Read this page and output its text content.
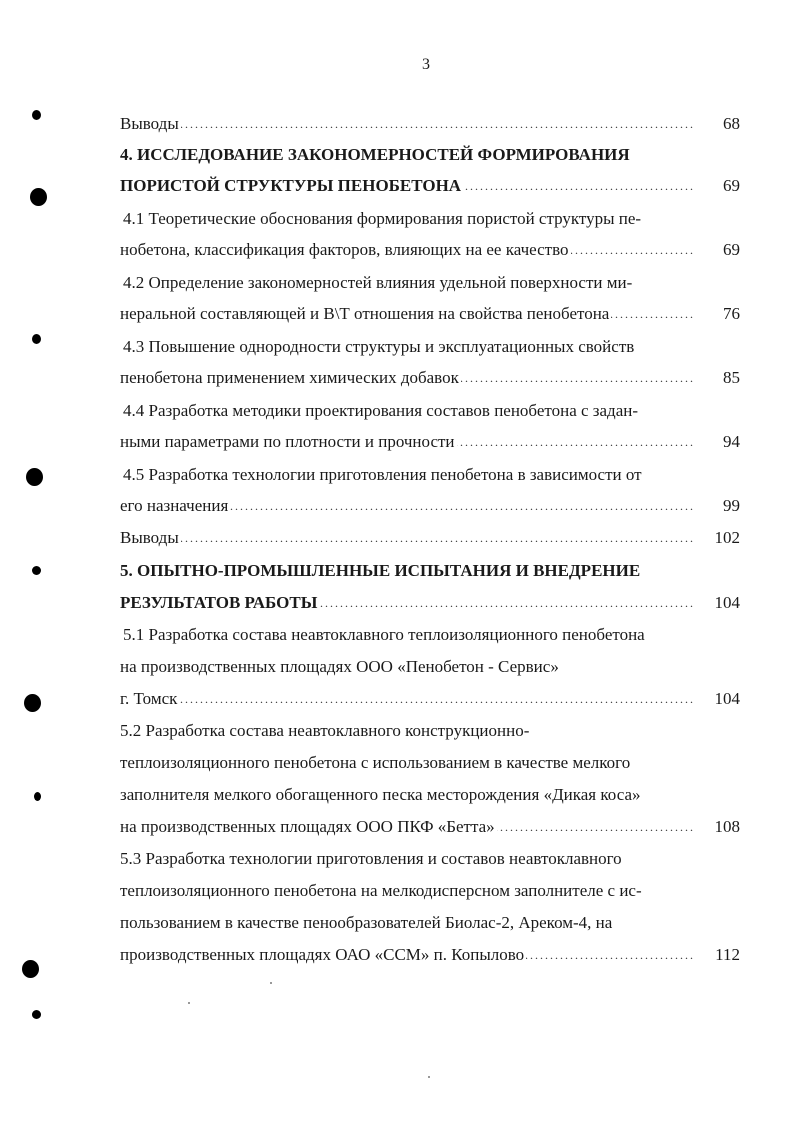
3
Выводы . . .	68
4. ИССЛЕДОВАНИЕ ЗАКОНОМЕРНОСТЕЙ ФОРМИРОВАНИЯ
ПОРИСТОЙ СТРУКТУРЫ ПЕНОБЕТОНА . . .	69
4.1 Теоретические обоснования формирования пористой структуры пе-
нобетона, классификация факторов, влияющих на ее качество . . .	69
4.2 Определение закономерностей влияния удельной поверхности ми-
неральной составляющей и В\Т отношения на свойства пенобетона . . .	76
4.3 Повышение однородности структуры и эксплуатационных свойств
пенобетона применением химических добавок . . .	85
4.4 Разработка методики проектирования составов пенобетона с задан-
ными параметрами по плотности и прочности . . .	94
4.5 Разработка технологии приготовления пенобетона в зависимости от
его назначения . . .	99
Выводы . . .	102
5. ОПЫТНО-ПРОМЫШЛЕННЫЕ ИСПЫТАНИЯ И ВНЕДРЕНИЕ
РЕЗУЛЬТАТОВ РАБОТЫ . . .	104
5.1 Разработка состава неавтоклавного теплоизоляционного пенобетона
на производственных площадях ООО «Пенобетон - Сервис»
г. Томск . . .	104
5.2 Разработка состава неавтоклавного конструкционно-
теплоизоляционного пенобетона с использованием в качестве мелкого
заполнителя мелкого обогащенного песка месторождения «Дикая коса»
на производственных площадях ООО ПКФ «Бетта» . . .	108
5.3 Разработка технологии приготовления и составов неавтоклавного
теплоизоляционного пенобетона на мелкодисперсном заполнителе с ис-
пользованием в качестве пенообразователей Биолас-2, Ареком-4, на
производственных площадях ОАО «ССМ» п. Копылово . . .	112
